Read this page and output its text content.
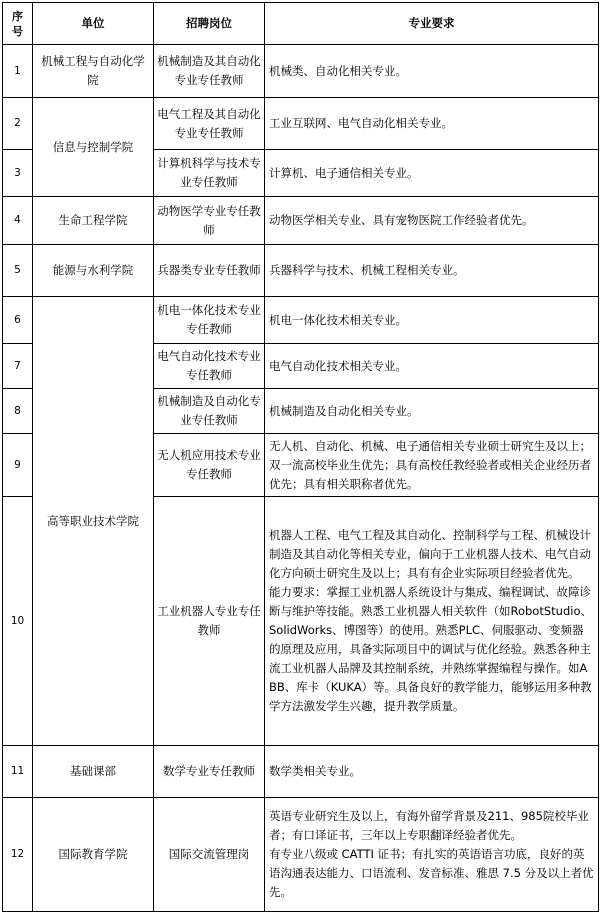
序号	单位	招聘岗位	专业要求
1	机械工程与自动化学院	机械制造及其自动化专业专任教师	机械类、自动化相关专业。
2	信息与控制学院	电气工程及其自动化专业专任教师	工业互联网、电气自动化相关专业。
3		计算机科学与技术专业专任教师	计算机、电子通信相关专业。
4	生命工程学院	动物医学专业专任教师	动物医学相关专业、具有宠物医院工作经验者优先。
5	能源与水利学院	兵器类专业专任教师	兵器科学与技术、机械工程相关专业。
6	高等职业技术学院	机电一体化技术专业专任教师	机电一体化技术相关专业。
7		电气自动化技术专业专任教师	电气自动化技术相关专业。
8		机械制造及自动化专业专任教师	机械制造及自动化相关专业。
9		无人机应用技术专业专任教师	无人机、自动化、机械、电子通信相关专业硕士研究生及以上；双一流高校毕业生优先；具有高校任教经验者或相关企业经历者优先；具有相关职称者优先。
10		工业机器人专业专任教师	机器人工程、电气工程及其自动化、控制科学与工程、机械设计制造及其自动化等相关专业，偏向于工业机器人技术、电气自动化方向硕士研究生及以上；具有有企业实际项目经验者优先。
能力要求：掌握工业机器人系统设计与集成、编程调试、故障诊断与维护等技能。熟悉工业机器人相关软件（如RobotStudio、SolidWorks、博图等）的使用。熟悉PLC、伺服驱动、变频器的原理及应用，具备实际项目中的调试与优化经验。熟悉各种主流工业机器人品牌及其控制系统，并熟练掌握编程与操作。如ABB、库卡（KUKA）等。具备良好的教学能力，能够运用多种教学方法激发学生兴趣，提升教学质量。

11	基础课部	数学专业专任教师	数学类相关专业。
12	国际教育学院	国际交流管理岗	英语专业研究生及以上，有海外留学背景及211、985院校毕业者；有口译证书，三年以上专职翻译经验者优先。
有专业八级或 CATTI 证书；有扎实的英语语言功底，良好的英语沟通表达能力、口语流利、发音标准、雅思 7.5 分及以上者优先。
